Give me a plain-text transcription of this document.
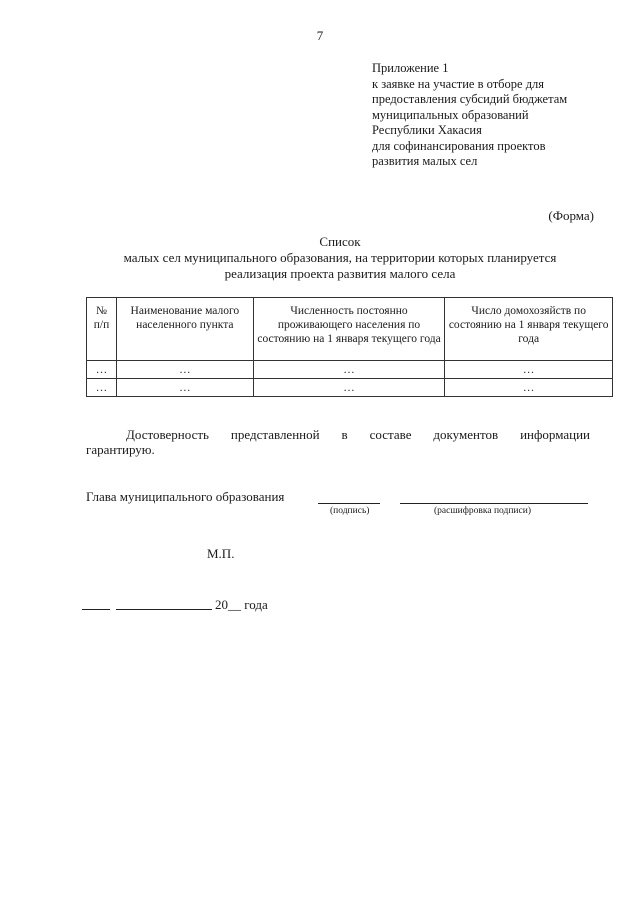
7
Приложение 1
к заявке на участие в отборе для
предоставления субсидий бюджетам
муниципальных образований
Республики Хакасия
для софинансирования проектов
развития малых сел
(Форма)
Список
малых сел муниципального образования, на территории которых планируется
реализация проекта развития малого села
№ п/п	Наименование малого населенного пункта	Численность постоянно проживающего населения по состоянию на 1 января текущего года	Число домохозяйств по состоянию на 1 января текущего года
…	…	…	…
…	…	…	…
Достоверность представленной в составе документов информации
гарантирую.
Глава муниципального образования
(подпись)	(расшифровка подписи)
М.П.
20__ года
